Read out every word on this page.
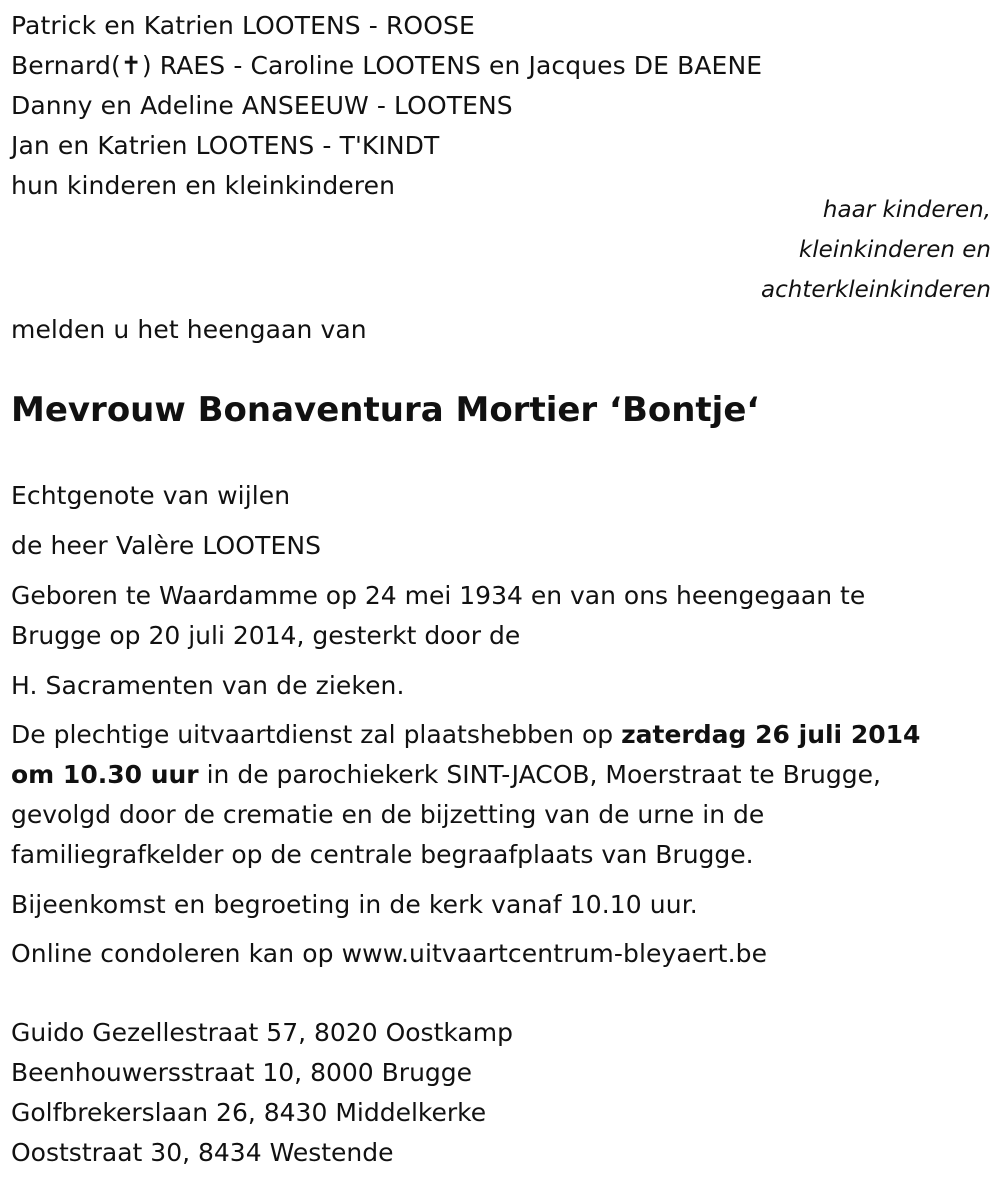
Patrick en Katrien LOOTENS - ROOSE
Bernard(✝) RAES - Caroline LOOTENS en Jacques DE BAENE
Danny en Adeline ANSEEUW - LOOTENS
Jan en Katrien LOOTENS - T'KINDT
hun kinderen en kleinkinderen
haar kinderen,
kleinkinderen en
achterkleinkinderen
melden u het heengaan van
Mevrouw Bonaventura Mortier ‘Bontje‘
Echtgenote van wijlen
de heer Valère LOOTENS
Geboren te Waardamme op 24 mei 1934 en van ons heengegaan te
Brugge op 20 juli 2014, gesterkt door de
H. Sacramenten van de zieken.
De plechtige uitvaartdienst zal plaatshebben op zaterdag 26 juli 2014
om 10.30 uur in de parochiekerk SINT-JACOB, Moerstraat te Brugge,
gevolgd door de crematie en de bijzetting van de urne in de
familiegrafkelder op de centrale begraafplaats van Brugge.
Bijeenkomst en begroeting in de kerk vanaf 10.10 uur.
Online condoleren kan op www.uitvaartcentrum-bleyaert.be
Guido Gezellestraat 57, 8020 Oostkamp
Beenhouwersstraat 10, 8000 Brugge
Golfbrekerslaan 26, 8430 Middelkerke
Ooststraat 30, 8434 Westende
